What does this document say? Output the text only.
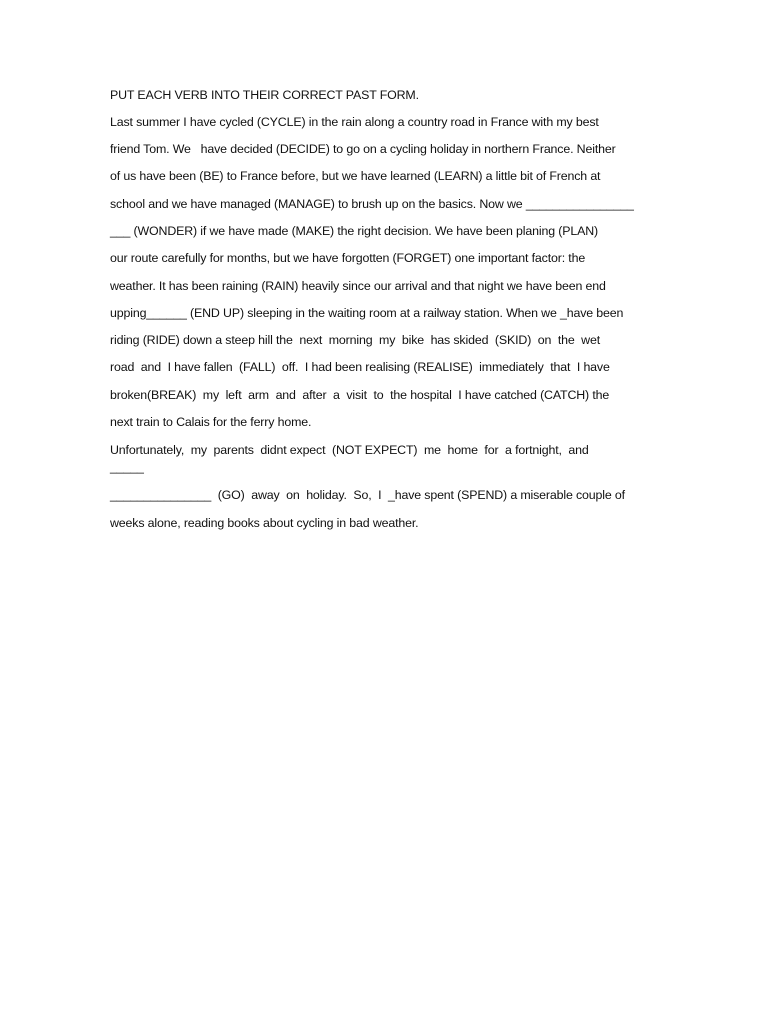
PUT EACH VERB INTO THEIR CORRECT PAST FORM.
Last summer I have cycled (CYCLE) in the rain along a country road in France with my best
friend Tom. We   have decided (DECIDE) to go on a cycling holiday in northern France. Neither
of us have been (BE) to France before, but we have learned (LEARN) a little bit of French at
school and we have managed (MANAGE) to brush up on the basics. Now we ________________
___ (WONDER) if we have made (MAKE) the right decision. We have been planing (PLAN)
our route carefully for months, but we have forgotten (FORGET) one important factor: the
weather. It has been raining (RAIN) heavily since our arrival and that night we have been end
upping______ (END UP) sleeping in the waiting room at a railway station. When we _have been
riding (RIDE) down a steep hill the  next  morning  my  bike  has skided  (SKID)  on  the  wet
road  and  I have fallen  (FALL)  off.  I had been realising (REALISE)  immediately  that  I have
broken(BREAK)  my  left  arm  and  after  a  visit  to  the hospital  I have catched (CATCH) the
next train to Calais for the ferry home.
Unfortunately,  my  parents  didnt expect  (NOT EXPECT)  me  home  for  a fortnight,  and
_____
_______________  (GO)  away  on  holiday.  So,  I  _have spent (SPEND) a miserable couple of
weeks alone, reading books about cycling in bad weather.
